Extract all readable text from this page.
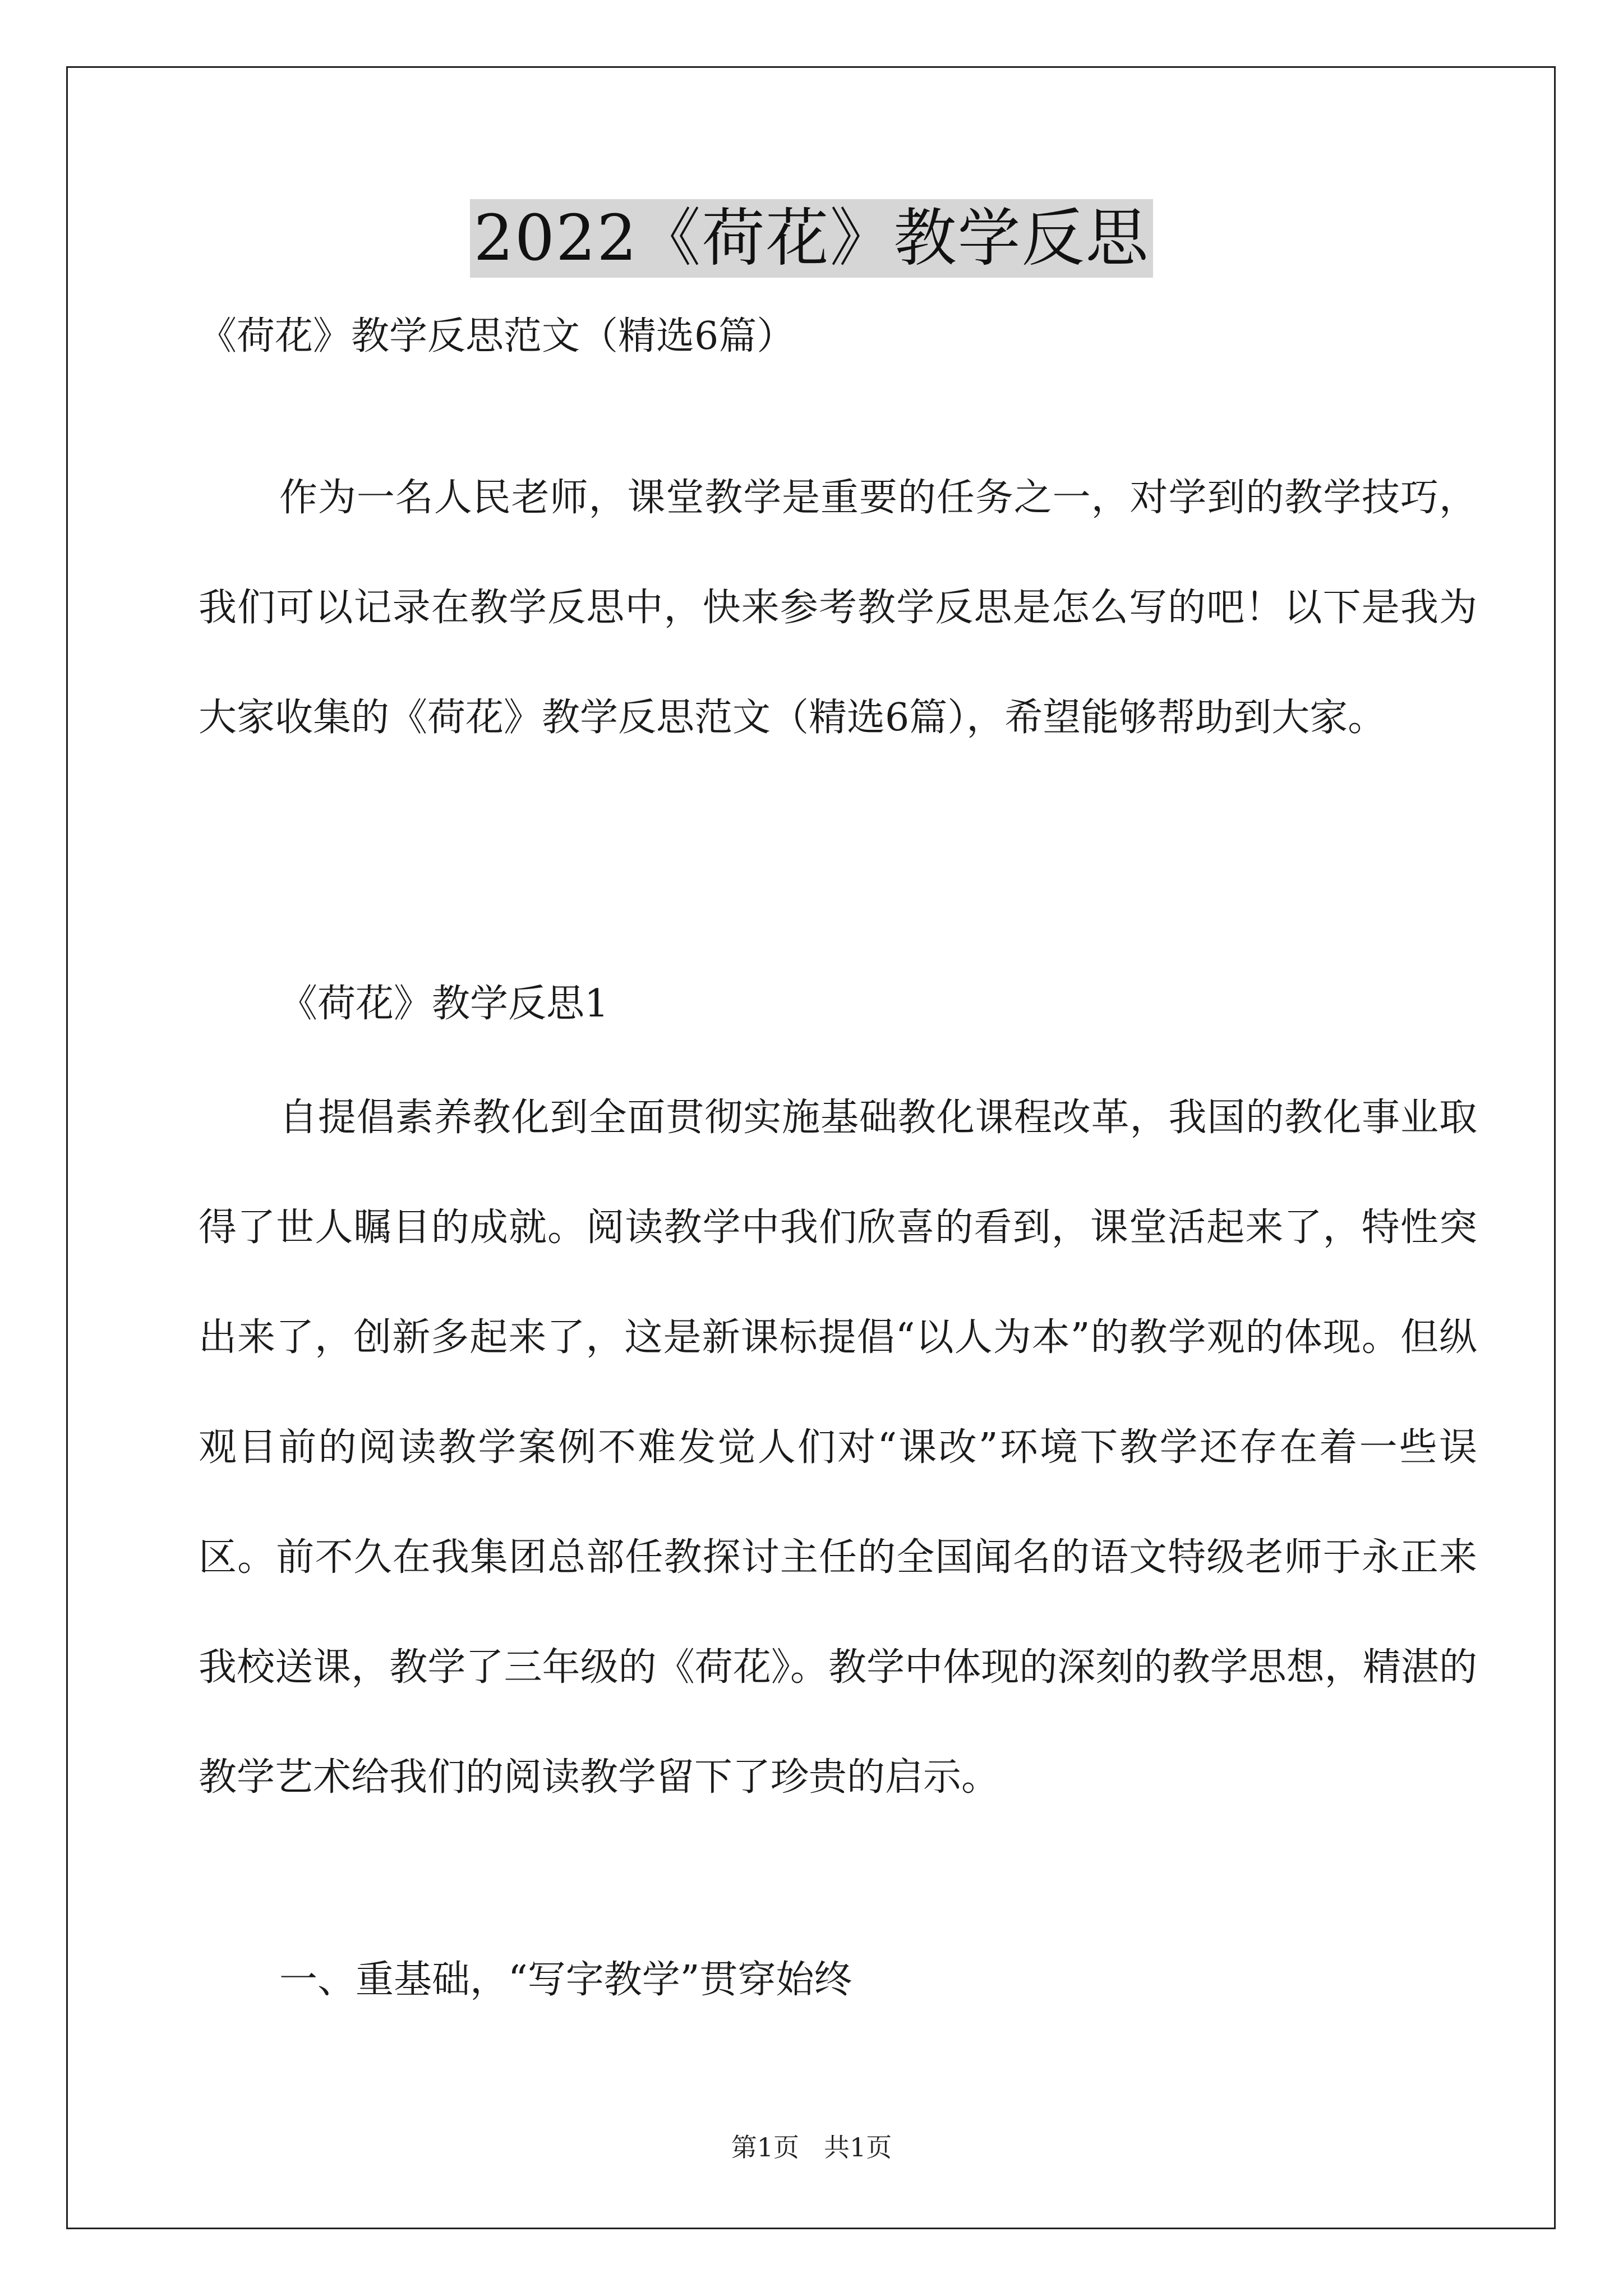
2022《荷花》教学反思
《荷花》教学反思范文（精选6篇）

作为一名人民老师，课堂教学是重要的任务之一，对学到的教学技巧，我们可以记录在教学反思中，快来参考教学反思是怎么写的吧！以下是我为大家收集的《荷花》教学反思范文（精选6篇），希望能够帮助到大家。

《荷花》教学反思1

自提倡素养教化到全面贯彻实施基础教化课程改革，我国的教化事业取得了世人瞩目的成就。阅读教学中我们欣喜的看到，课堂活起来了，特性突出来了，创新多起来了，这是新课标提倡“以人为本”的教学观的体现。但纵观目前的阅读教学案例不难发觉人们对“课改”环境下教学还存在着一些误区。前不久在我集团总部任教探讨主任的全国闻名的语文特级老师于永正来我校送课，教学了三年级的《荷花》。教学中体现的深刻的教学思想，精湛的教学艺术给我们的阅读教学留下了珍贵的启示。

一、重基础，“写字教学”贯穿始终
第1页 共1页
